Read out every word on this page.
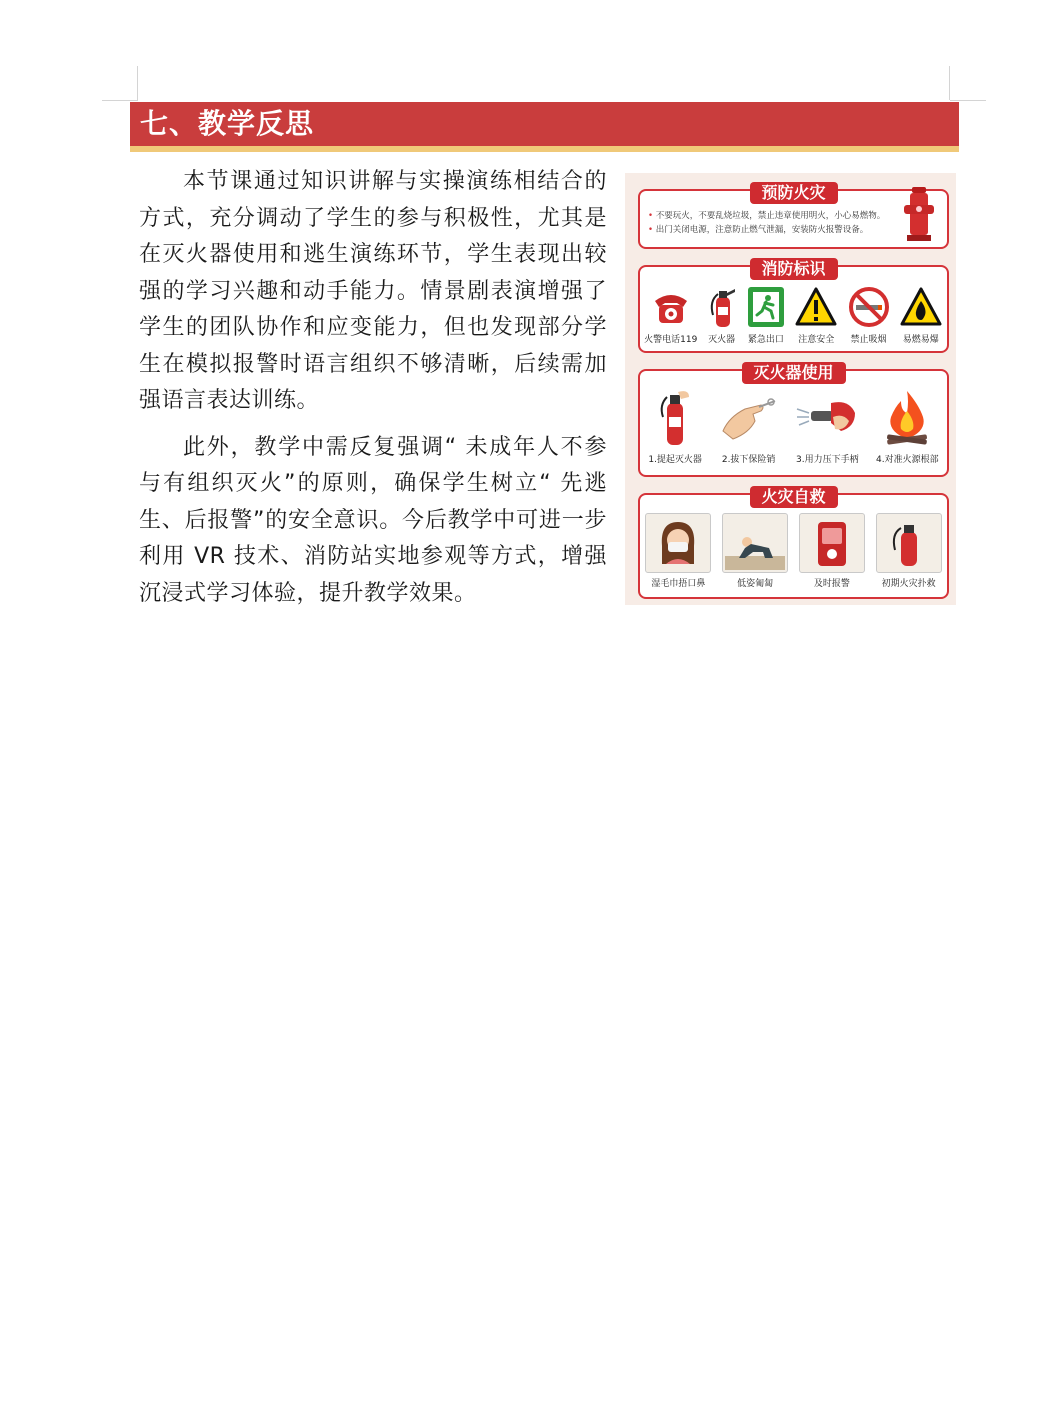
七、教学反思

本节课通过知识讲解与实操演练相结合的方式，充分调动了学生的参与积极性，尤其是在灭火器使用和逃生演练环节，学生表现出较强的学习兴趣和动手能力。情景剧表演增强了学生的团队协作和应变能力，但也发现部分学生在模拟报警时语言组织不够清晰，后续需加强语言表达训练。

此外，教学中需反复强调“ 未成年人不参与有组织灭火”的原则，确保学生树立“ 先逃生、后报警”的安全意识。今后教学中可进一步利用 VR 技术、消防站实地参观等方式，增强沉浸式学习体验，提升教学效果。

预防火灾
• 不要玩火，不要乱烧垃圾，禁止违章使用明火，小心易燃物。
• 出门关闭电源，注意防止燃气泄漏，安装防火报警设备。
消防标识
火警电话119 灭火器 紧急出口 注意安全 禁止吸烟 易燃易爆
灭火器使用
1.提起灭火器 2.拔下保险销 3.用力压下手柄 4.对准火源根部
火灾自救
湿毛巾捂口鼻	低姿匍匐	及时报警	初期火灾扑救
